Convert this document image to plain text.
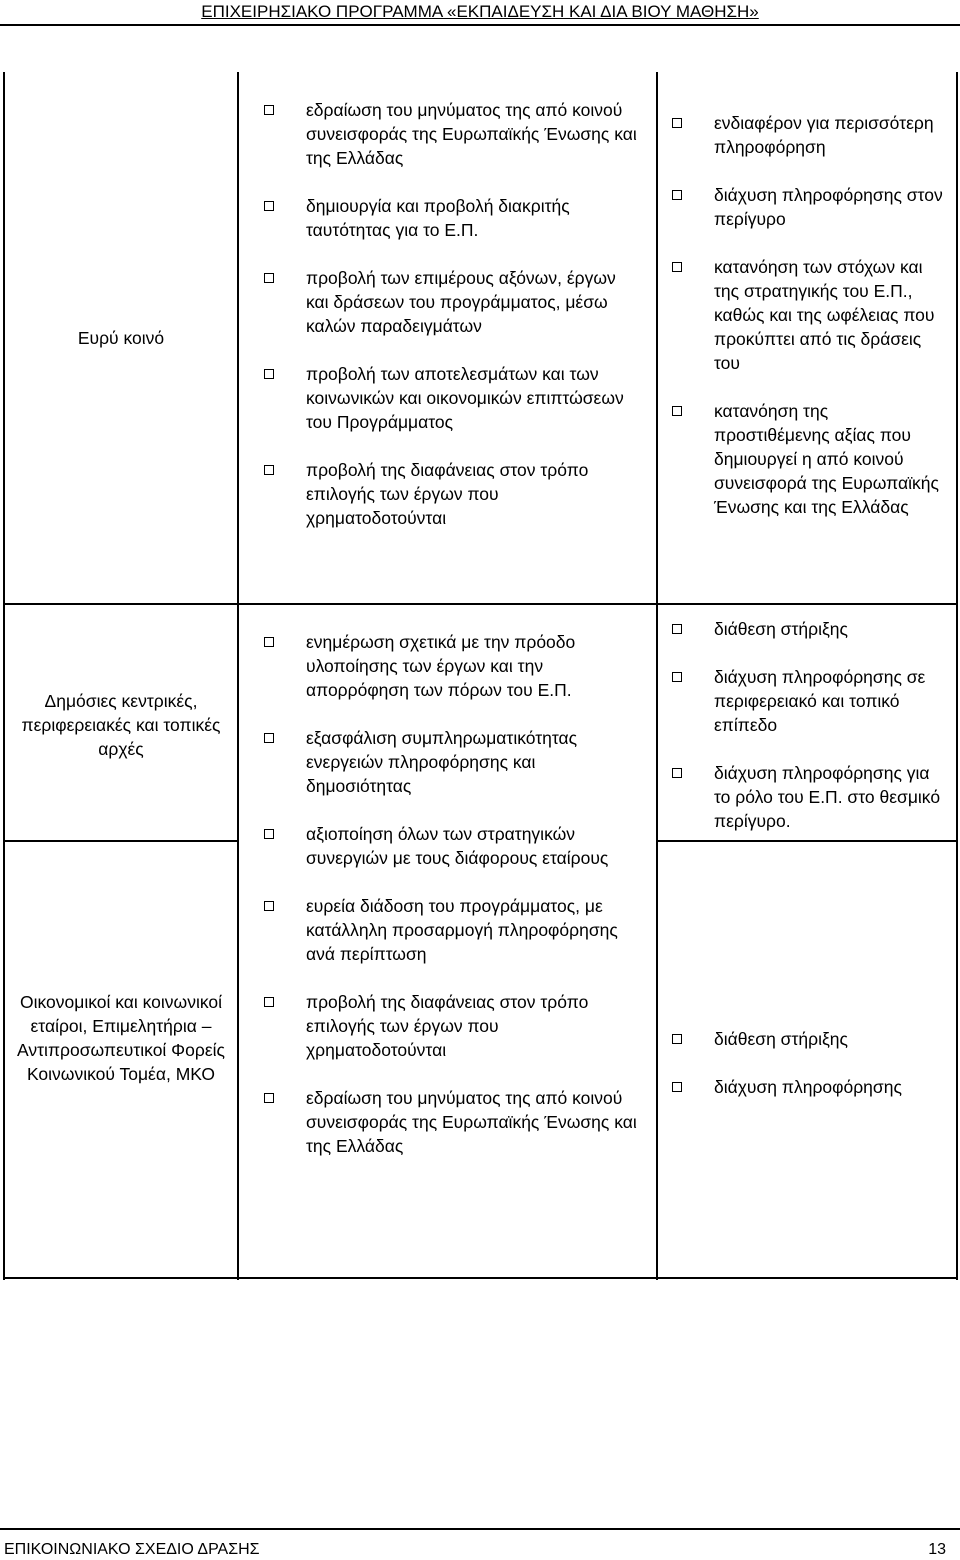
ΕΠΙΧΕΙΡΗΣΙΑΚΟ ΠΡΟΓΡΑΜΜΑ «ΕΚΠΑΙΔΕΥΣΗ ΚΑΙ ΔΙΑ ΒΙΟΥ ΜΑΘΗΣΗ»
Ευρύ κοινό
εδραίωση του μηνύματος της από κοινού συνεισφοράς της Ευρωπαϊκής Ένωσης και της Ελλάδας
δημιουργία και προβολή διακριτής ταυτότητας για το Ε.Π.
προβολή των επιμέρους αξόνων, έργων και δράσεων του προγράμματος, μέσω καλών παραδειγμάτων
προβολή των αποτελεσμάτων και των κοινωνικών και οικονομικών επιπτώσεων του Προγράμματος
προβολή της διαφάνειας στον τρόπο επιλογής των έργων που χρηματοδοτούνται
ενδιαφέρον για περισσότερη πληροφόρηση
διάχυση πληροφόρησης στον περίγυρο
κατανόηση των στόχων και της στρατηγικής του Ε.Π., καθώς και της ωφέλειας που προκύπτει από τις δράσεις του
κατανόηση της προστιθέμενης αξίας που δημιουργεί η από κοινού συνεισφορά της Ευρωπαϊκής Ένωσης και της Ελλάδας
Δημόσιες κεντρικές, περιφερειακές και τοπικές αρχές
ενημέρωση σχετικά με την πρόοδο υλοποίησης των έργων και την απορρόφηση των πόρων του Ε.Π.
εξασφάλιση συμπληρωματικότητας ενεργειών πληροφόρησης και δημοσιότητας
αξιοποίηση όλων των στρατηγικών συνεργιών με τους διάφορους εταίρους
ευρεία διάδοση του προγράμματος, με κατάλληλη προσαρμογή πληροφόρησης ανά περίπτωση
προβολή της διαφάνειας στον τρόπο επιλογής των έργων που χρηματοδοτούνται
εδραίωση του μηνύματος της από κοινού συνεισφοράς της Ευρωπαϊκής Ένωσης και της Ελλάδας
διάθεση στήριξης
διάχυση πληροφόρησης σε περιφερειακό και τοπικό επίπεδο
διάχυση πληροφόρησης για το ρόλο του Ε.Π. στο θεσμικό περίγυρο.
Οικονομικοί και κοινωνικοί εταίροι, Επιμελητήρια – Αντιπροσωπευτικοί Φορείς Κοινωνικού Τομέα, ΜΚΟ
διάθεση στήριξης
διάχυση πληροφόρησης
ΕΠΙΚΟΙΝΩΝΙΑΚΟ ΣΧΕΔΙΟ ΔΡΑΣΗΣ	13
